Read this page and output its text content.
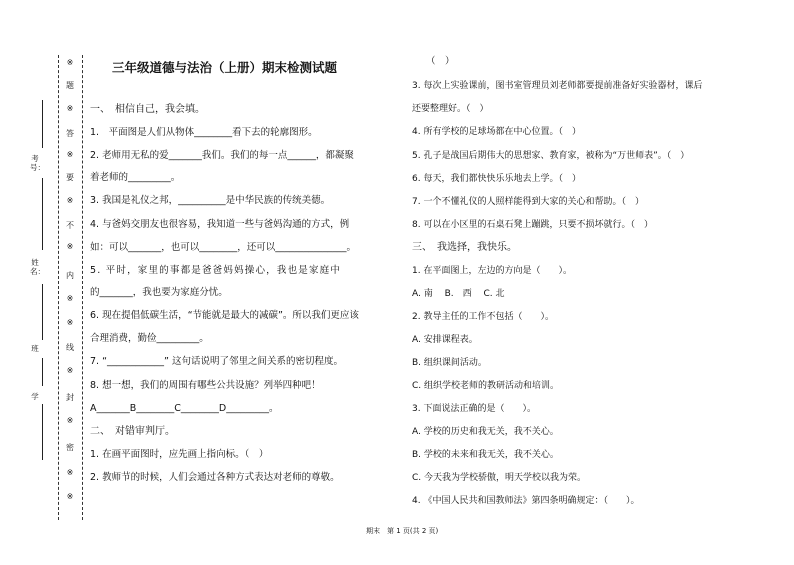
考号：
姓名：
班
学
※
题
※
答
※
要
※
不
※
内
※
※
线
※
封
※
密
※
※
三年级道德与法治（上册）期末检测试题
一、　相信自己，我会填。
1.　平面图是人们从物体________看下去的轮廓图形。
2. 老师用无私的爱_______我们。我们的每一点______，都凝聚
着老师的_________。
3. 我国是礼仪之邦，__________是中华民族的传统美德。
4. 与爸妈交朋友也很容易，我知道一些与爸妈沟通的方式，例
如：可以_______，也可以________，还可以_______________。
5. 平时，家里的事都是爸爸妈妈操心，我也是家庭中
的_______，我也要为家庭分忧。
6. 现在提倡低碳生活，“节能就是最大的减碳”。所以我们更应该
合理消费，勤俭_________。
7. “____________” 这句话说明了邻里之间关系的密切程度。
8. 想一想，我们的周围有哪些公共设施？列举四种吧！
A_______B________C________D_________。
二、　对错审判厅。
1. 在画平面图时，应先画上指向标。（　）
2. 教师节的时候，人们会通过各种方式表达对老师的尊敬。
（　）
3. 每次上实验课前，图书室管理员刘老师都要提前准备好实验器材，课后
还要整理好。（　）
4. 所有学校的足球场都在中心位置。（　）
5. 孔子是战国后期伟大的思想家、教育家，被称为“万世师表”。（　）
6. 每天，我们都快快乐乐地去上学。（　）
7. 一个不懂礼仪的人照样能得到大家的关心和帮助。（　）
8. 可以在小区里的石桌石凳上蹦跳，只要不损坏就行。（　）
三、　我选择，我快乐。
1. 在平面图上，左边的方向是（　　）。
A. 南　 B.　西　 C. 北
2. 教导主任的工作不包括（　　）。
A. 安排课程表。
B. 组织课间活动。
C. 组织学校老师的教研活动和培训。
3. 下面说法正确的是（　　）。
A. 学校的历史和我无关，我不关心。
B. 学校的未来和我无关，我不关心。
C. 今天我为学校骄傲，明天学校以我为荣。
4. 《中国人民共和国教师法》第四条明确规定：（　　）。
期末　第 1 页(共 2 页)
